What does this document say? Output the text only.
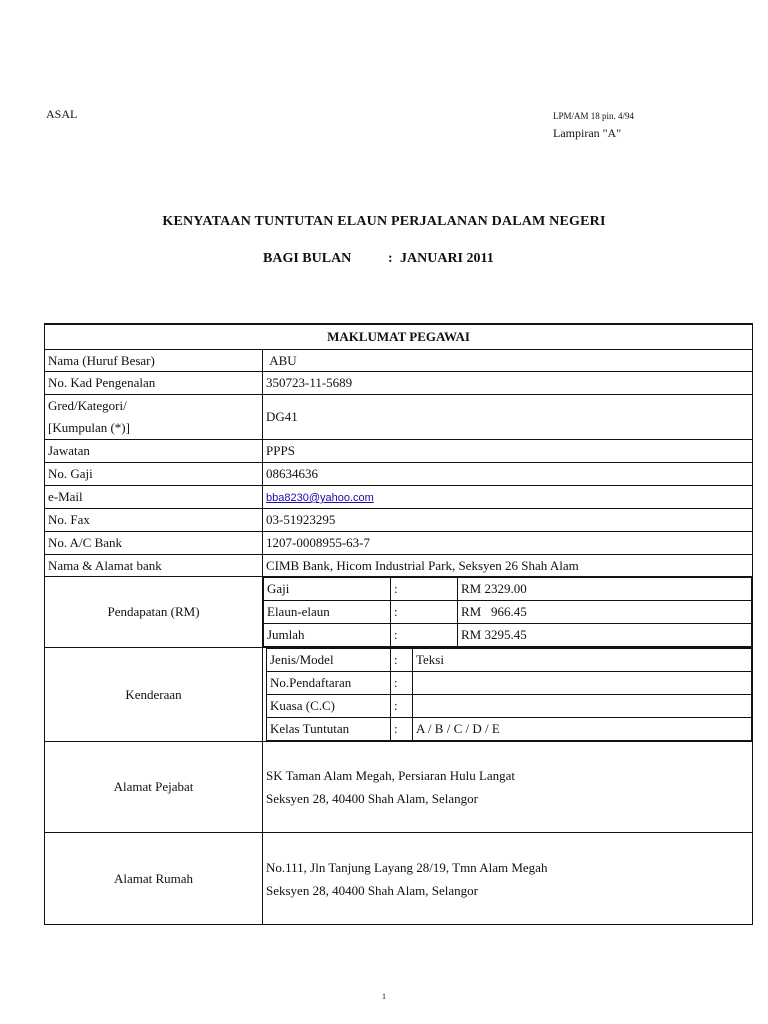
ASAL	LPM/AM 18 pin. 4/94
Lampiran "A"
KENYATAAN TUNTUTAN ELAUN PERJALANAN DALAM NEGERI
BAGI BULAN	: JANUARI 2011
MAKLUMAT PEGAWAI
Nama (Huruf Besar)	ABU
No. Kad Pengenalan	350723-11-5689

Gred/Kategori/
[Kumpulan (*)]
	DG41
Jawatan	PPPS
No. Gaji	08634636
e-Mail	bba8230@yahoo.com
No. Fax	03-51923295
No. A/C Bank	1207-0008955-63-7
Nama & Alamat bank	CIMB Bank, Hicom Industrial Park, Seksyen 26 Shah Alam
Pendapatan (RM)	
Gaji	:	RM 2329.00
Elaun-elaun	:	RM   966.45
Jumlah	:	RM 3295.45

Kenderaan	
Jenis/Model	:	Teksi
No.Pendaftaran	:	
Kuasa (C.C)	:	
Kelas Tuntutan	:	A / B / C / D / E

Alamat Pejabat	
SK Taman Alam Megah, Persiaran Hulu Langat
Seksyen 28, 40400 Shah Alam, Selangor

Alamat Rumah	
No.111, Jln Tanjung Layang 28/19, Tmn Alam Megah
Seksyen 28, 40400 Shah Alam, Selangor
1
